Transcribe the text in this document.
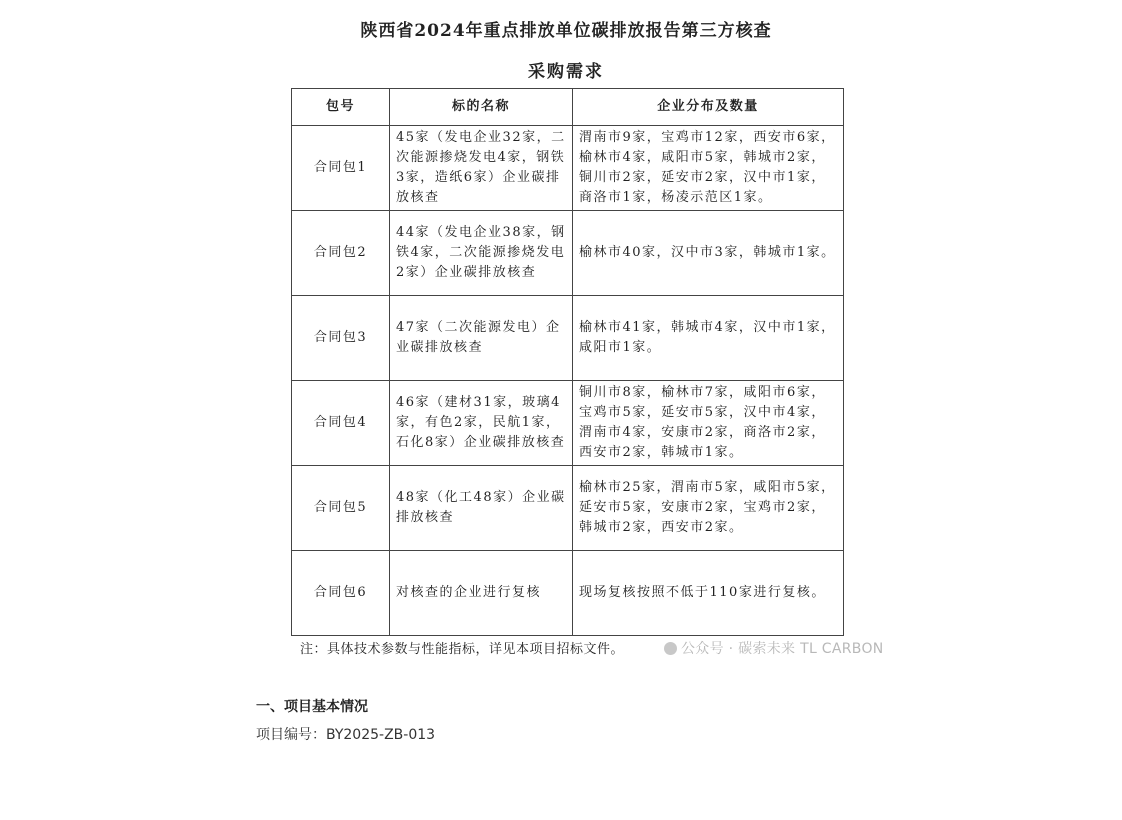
陕西省2024年重点排放单位碳排放报告第三方核查
采购需求
包号	标的名称	企业分布及数量
合同包1	45家（发电企业32家，二次能源掺烧发电4家，钢铁3家，造纸6家）企业碳排放核查	渭南市9家，宝鸡市12家，西安市6家，榆林市4家，咸阳市5家，韩城市2家，铜川市2家，延安市2家，汉中市1家，商洛市1家，杨凌示范区1家。
合同包2	44家（发电企业38家，钢铁4家，二次能源掺烧发电2家）企业碳排放核查	榆林市40家，汉中市3家，韩城市1家。
合同包3	47家（二次能源发电）企业碳排放核查	榆林市41家，韩城市4家，汉中市1家，咸阳市1家。
合同包4	46家（建材31家，玻璃4家，有色2家，民航1家，石化8家）企业碳排放核查	铜川市8家，榆林市7家，咸阳市6家，宝鸡市5家，延安市5家，汉中市4家，渭南市4家，安康市2家，商洛市2家，西安市2家，韩城市1家。
合同包5	48家（化工48家）企业碳排放核查	榆林市25家，渭南市5家，咸阳市5家，延安市5家，安康市2家，宝鸡市2家，韩城市2家，西安市2家。
合同包6	对核查的企业进行复核	现场复核按照不低于110家进行复核。
注：具体技术参数与性能指标，详见本项目招标文件。	公众号 · 碳索未来 TL CARBON
一、项目基本情况
项目编号：BY2025-ZB-013
